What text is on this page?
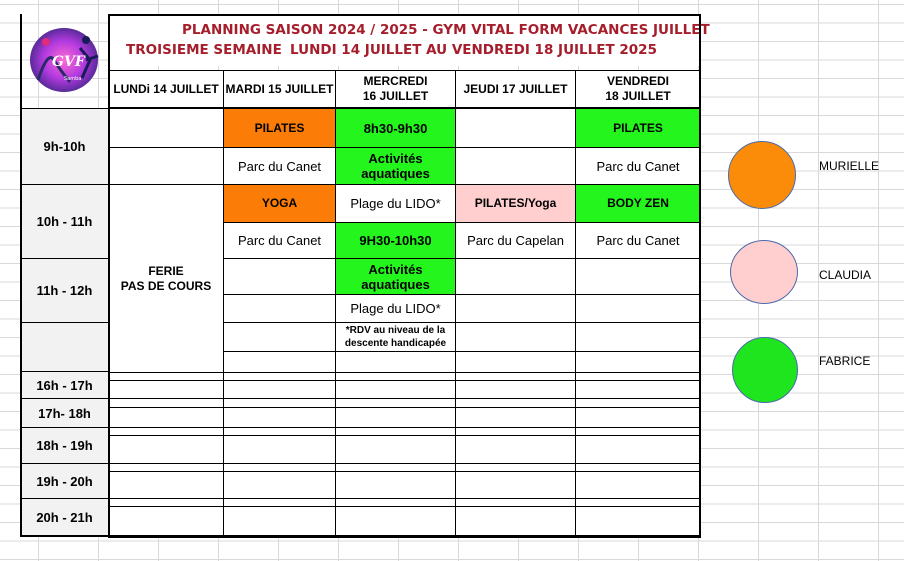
PLANNING SAISON 2024 / 2025 - GYM VITAL FORM VACANCES JUILLET
TROISIEME SEMAINE LUNDI 14 JUILLET AU VENDREDI 18 JUILLET 2025
GVF
Samba
LUNDi 14 JUILLET MARDI 15 JUILLET
MERCREDI 16 JUILLET
JEUDI 17 JUILLET
VENDREDI 18 JUILLET
9h-10h
10h - 11h
11h - 12h
16h - 17h
17h- 18h
18h - 19h
19h - 20h
20h - 21h
FERIE
PAS DE COURS
PILATES
Parc du Canet
YOGA
Parc du Canet
8h30-9h30
Activités aquatiques
Plage du LIDO*
9H30-10h30
Activités aquatiques
Plage du LIDO*
*RDV au niveau de la descente handicapée
PILATES/Yoga
Parc du Capelan
PILATES
Parc du Canet
BODY ZEN
Parc du Canet
MURIELLE
CLAUDIA
FABRICE
